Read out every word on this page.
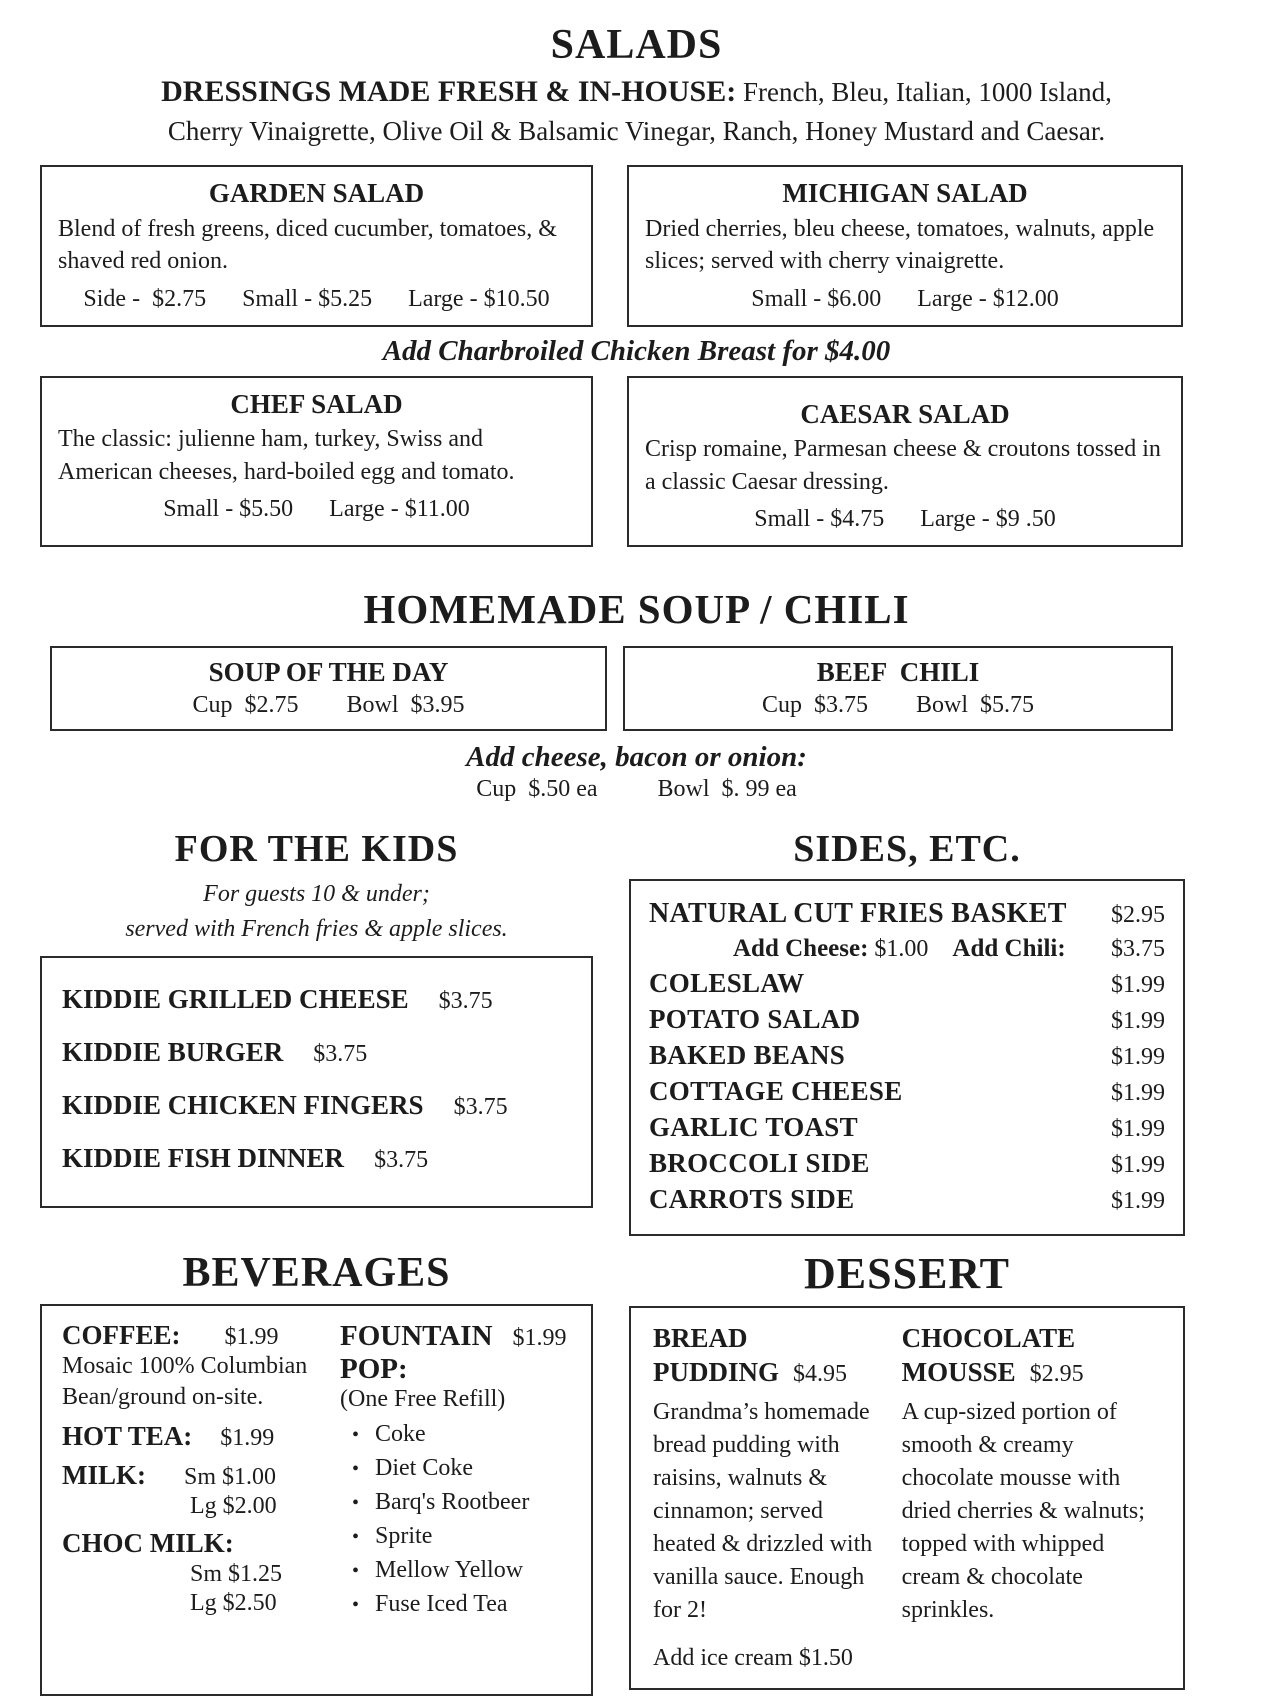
SALADS

DRESSINGS MADE FRESH & IN-HOUSE: French, Bleu, Italian, 1000 Island,
Cherry Vinaigrette, Olive Oil & Balsamic Vinegar, Ranch, Honey Mustard and Caesar.

GARDEN SALAD
Blend of fresh greens, diced cucumber, tomatoes, & shaved red onion.
Side -  $2.75      Small - $5.25      Large - $10.50
MICHIGAN SALAD
Dried cherries, bleu cheese, tomatoes, walnuts, apple slices; served with cherry vinaigrette.
Small - $6.00      Large - $12.00
Add Charbroiled Chicken Breast for $4.00
CHEF SALAD
The classic: julienne ham, turkey, Swiss and American cheeses, hard-boiled egg and tomato.
Small - $5.50      Large - $11.00
CAESAR SALAD
Crisp romaine, Parmesan cheese & croutons tossed in a classic Caesar dressing.
Small - $4.75      Large - $9 .50
HOMEMADE SOUP / CHILI
SOUP OF THE DAY
Cup  $2.75        Bowl  $3.95
BEEF  CHILI
Cup  $3.75        Bowl  $5.75
Add cheese, bacon or onion:
Cup  $.50 ea          Bowl  $. 99 ea
FOR THE KIDS

For guests 10 & under;
served with French fries & apple slices.

KIDDIE GRILLED CHEESE $3.75
KIDDIE BURGER $3.75
KIDDIE CHICKEN FINGERS $3.75
KIDDIE FISH DINNER $3.75
SIDES, ETC.
NATURAL CUT FRIES BASKET $2.95
Add Cheese: $1.00 Add Chili: $3.75
COLESLAW	$1.99
POTATO SALAD	$1.99
BAKED BEANS	$1.99
COTTAGE CHEESE	$1.99
GARLIC TOAST	$1.99
BROCCOLI SIDE	$1.99
CARROTS SIDE	$1.99
BEVERAGES
COFFEE: $1.99
Mosaic 100% Columbian
Bean/ground on-site.
HOT TEA: $1.99
MILK: Sm $1.00
Lg $2.00
CHOC MILK:
Sm $1.25
Lg $2.50
FOUNTAIN $1.99
POP:
(One Free Refill)
• Coke
• Diet Coke
• Barq's Rootbeer
• Sprite
• Mellow Yellow
• Fuse Iced Tea
DESSERT
BREAD
PUDDING $4.95
Grandma’s homemade bread pudding with raisins, walnuts & cinnamon; served heated & drizzled with vanilla sauce. Enough for 2!
Add ice cream $1.50
CHOCOLATE
MOUSSE $2.95
A cup-sized portion of smooth & creamy chocolate mousse with dried cherries & walnuts; topped with whipped cream & chocolate sprinkles.
